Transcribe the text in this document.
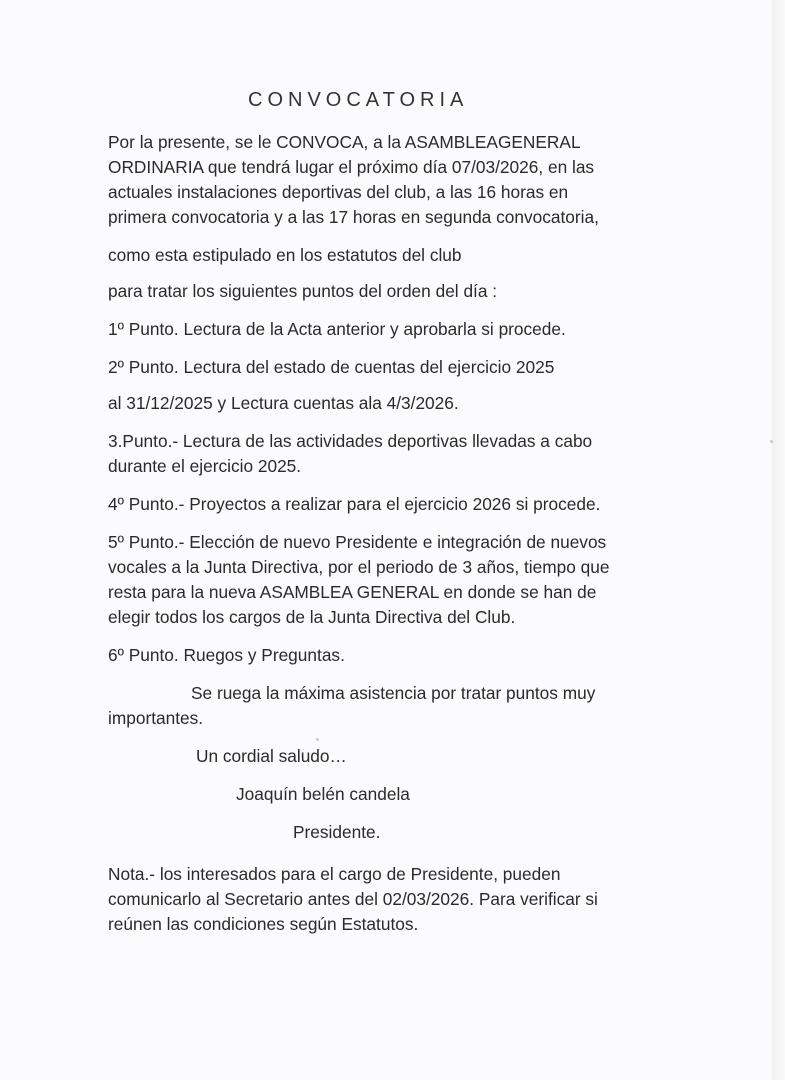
CONVOCATORIA

Por la presente, se le CONVOCA, a la ASAMBLEAGENERAL

ORDINARIA que tendrá lugar el próximo día 07/03/2026, en las

actuales instalaciones deportivas del club, a las 16 horas en

primera convocatoria y a las 17 horas en segunda convocatoria,

como esta estipulado en los estatutos del club

para tratar los siguientes puntos del orden del día :

1º Punto. Lectura de la Acta anterior y aprobarla si procede.

2º Punto. Lectura del estado de cuentas del ejercicio 2025

al 31/12/2025 y Lectura cuentas ala 4/3/2026.

3.Punto.- Lectura de las actividades deportivas llevadas a cabo

durante el ejercicio 2025.

4º Punto.- Proyectos a realizar para el ejercicio 2026 si procede.

5º Punto.- Elección de nuevo Presidente e integración de nuevos

vocales a la Junta Directiva, por el periodo de 3 años, tiempo que

resta para la nueva ASAMBLEA GENERAL en donde se han de

elegir todos los cargos de la Junta Directiva del Club.

6º Punto. Ruegos y Preguntas.

Se ruega la máxima asistencia por tratar puntos muy

importantes.

Un cordial saludo…

Joaquín belén candela

Presidente.

Nota.- los interesados para el cargo de Presidente, pueden

comunicarlo al Secretario antes del 02/03/2026. Para verificar si

reúnen las condiciones según Estatutos.
